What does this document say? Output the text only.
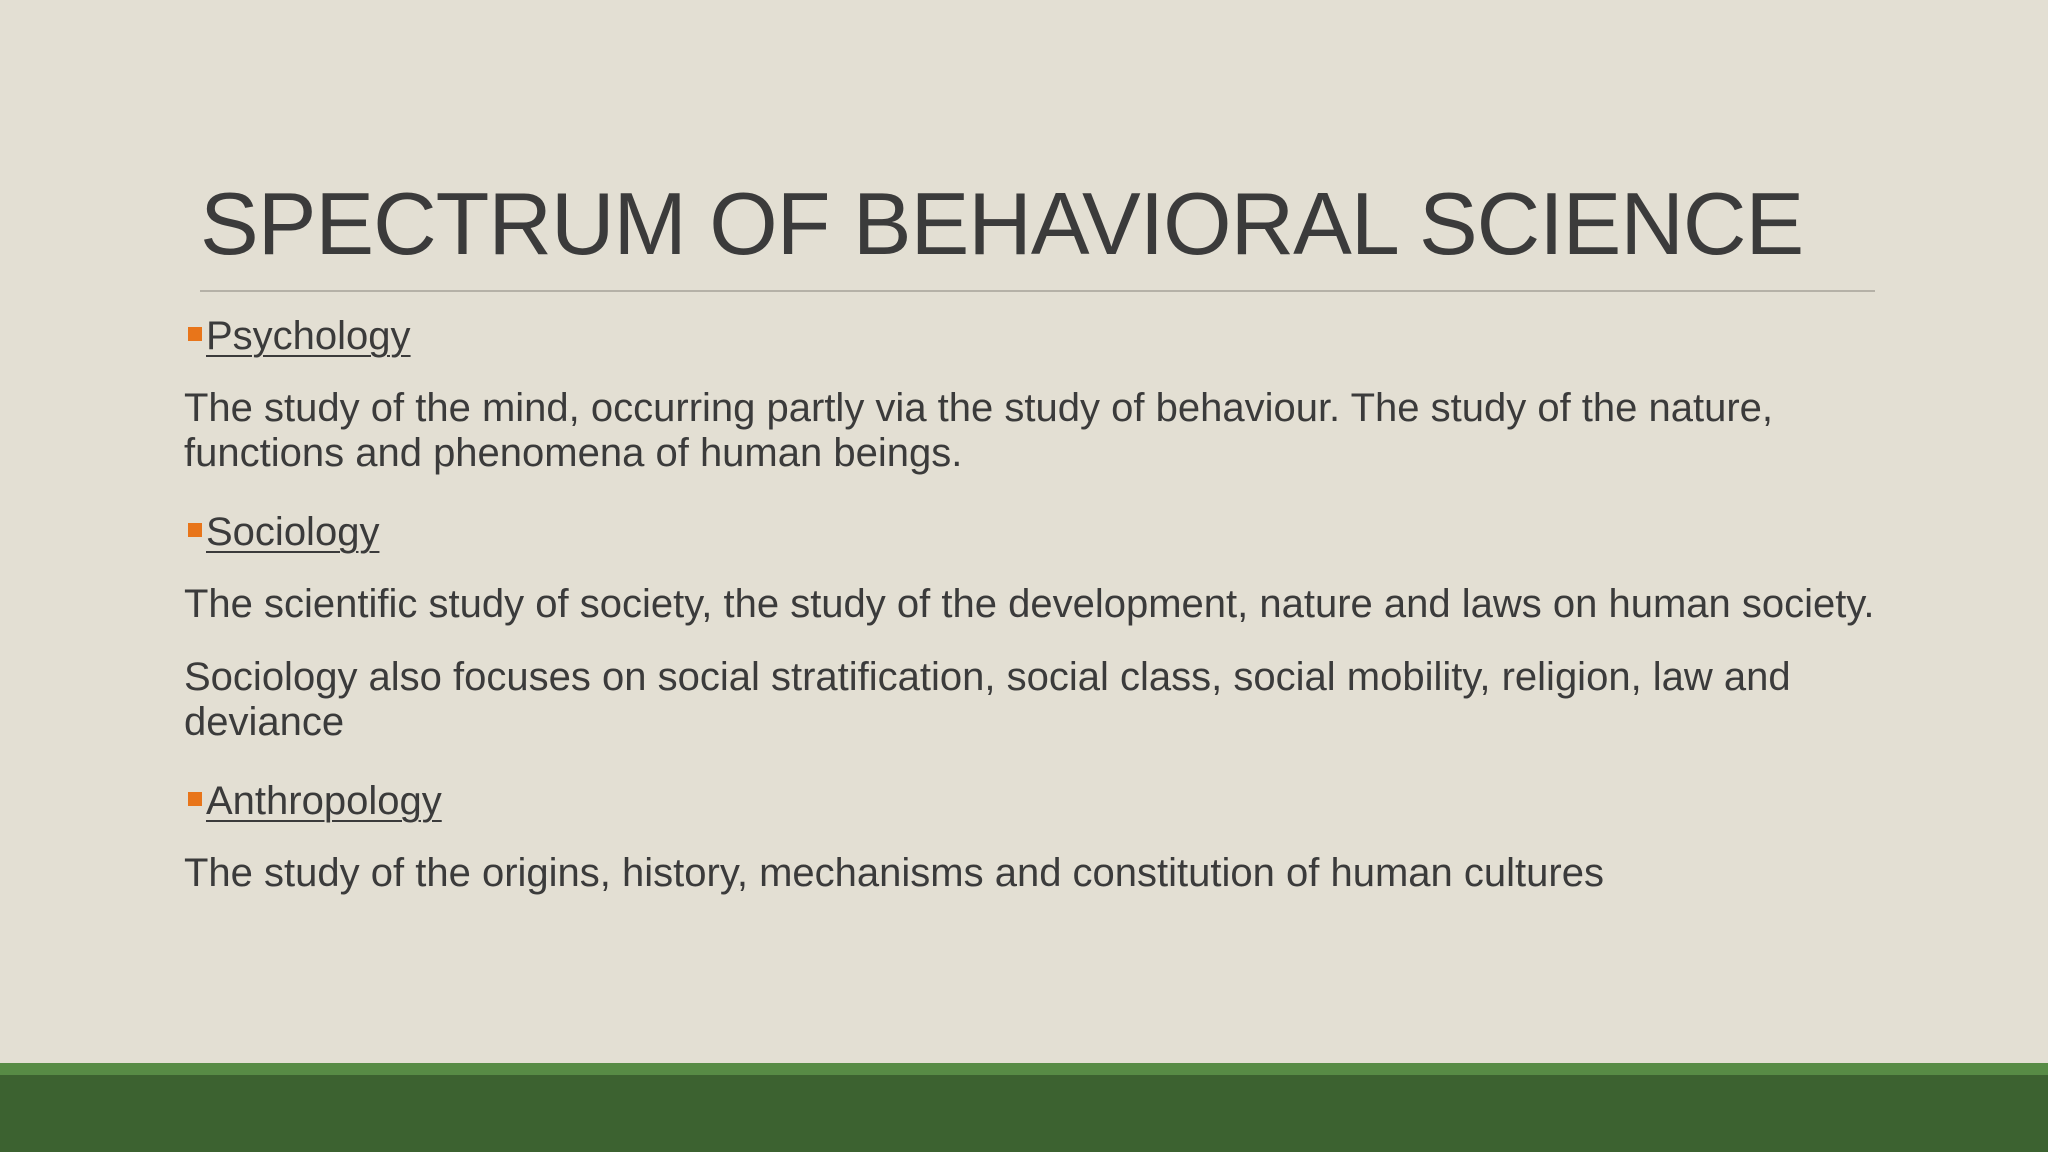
SPECTRUM OF BEHAVIORAL SCIENCE
Psychology

The study of the mind, occurring partly via the study of behaviour. The study of the nature, functions and phenomena of human beings.

Sociology

The scientific study of society, the study of the development, nature and laws on human society.

Sociology also focuses on social stratification, social class, social mobility, religion, law and deviance

Anthropology

The study of the origins, history, mechanisms and constitution of human cultures
